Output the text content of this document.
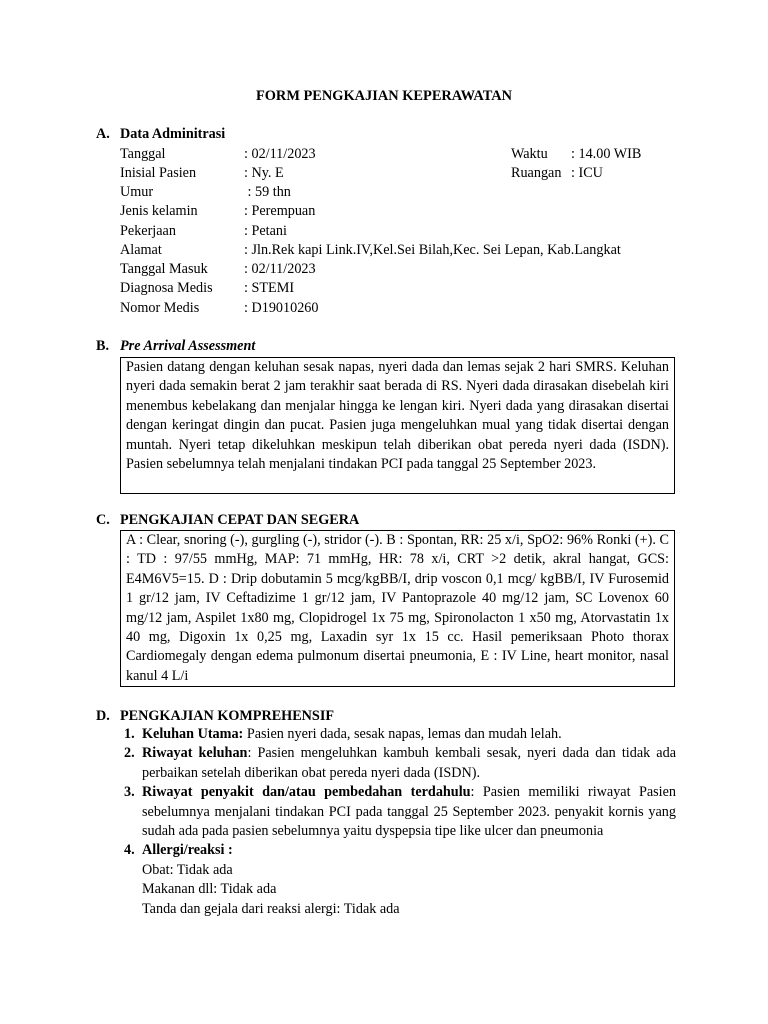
FORM PENGKAJIAN KEPERAWATAN
A. Data Adminitrasi
Tanggal	: 02/11/2023
Inisial Pasien	: Ny. E
Umur	: 59 thn
Jenis kelamin	: Perempuan
Pekerjaan	: Petani
Alamat	: Jln.Rek kapi Link.IV,Kel.Sei Bilah,Kec. Sei Lepan, Kab.Langkat
Tanggal Masuk	: 02/11/2023
Diagnosa Medis : STEMI
Nomor Medis	: D19010260
Waktu : 14.00 WIB
Ruangan : ICU
B. Pre Arrival Assessment

Pasien datang dengan keluhan sesak napas, nyeri dada dan lemas sejak 2 hari SMRS. Keluhan nyeri dada semakin berat 2 jam terakhir saat berada di RS. Nyeri dada dirasakan disebelah kiri menembus kebelakang dan menjalar hingga ke lengan kiri. Nyeri dada yang dirasakan disertai dengan keringat dingin dan pucat. Pasien juga mengeluhkan mual yang tidak disertai dengan muntah. Nyeri tetap dikeluhkan meskipun telah diberikan obat pereda nyeri dada (ISDN). Pasien sebelumnya telah menjalani tindakan PCI pada tanggal 25 September 2023.

C. PENGKAJIAN CEPAT DAN SEGERA

A : Clear, snoring (-), gurgling (-), stridor (-). B : Spontan, RR: 25 x/i, SpO2: 96% Ronki (+). C : TD : 97/55 mmHg, MAP: 71 mmHg, HR: 78 x/i, CRT >2 detik, akral hangat, GCS: E4M6V5=15. D : Drip dobutamin 5 mcg/kgBB/I, drip voscon 0,1 mcg/ kgBB/I, IV Furosemid 1 gr/12 jam, IV Ceftadizime 1 gr/12 jam, IV Pantoprazole 40 mg/12 jam, SC Lovenox 60 mg/12 jam, Aspilet 1x80 mg, Clopidrogel 1x 75 mg, Spironolacton 1 x50 mg, Atorvastatin 1x 40 mg, Digoxin 1x 0,25 mg, Laxadin syr 1x 15 cc. Hasil pemeriksaan Photo thorax Cardiomegaly dengan edema pulmonum disertai pneumonia, E : IV Line, heart monitor, nasal kanul 4 L/i

D. PENGKAJIAN KOMPREHENSIF
1. Keluhan Utama: Pasien nyeri dada, sesak napas, lemas dan mudah lelah.
2. Riwayat keluhan: Pasien mengeluhkan kambuh kembali sesak, nyeri dada dan tidak ada perbaikan setelah diberikan obat pereda nyeri dada (ISDN).
3. Riwayat penyakit dan/atau pembedahan terdahulu: Pasien memiliki riwayat Pasien sebelumnya menjalani tindakan PCI pada tanggal 25 September 2023. penyakit kornis yang sudah ada pada pasien sebelumnya yaitu dyspepsia tipe like ulcer dan pneumonia
4. Allergi/reaksi :
Obat: Tidak ada
Makanan dll: Tidak ada
Tanda dan gejala dari reaksi alergi: Tidak ada
